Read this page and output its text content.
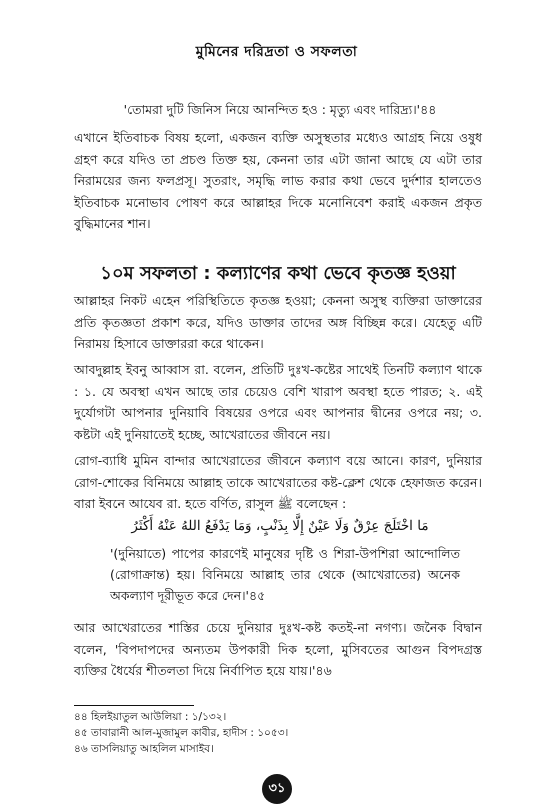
মুমিনের দরিদ্রতা ও সফলতা
'তোমরা দুটি জিনিস নিয়ে আনন্দিত হও : মৃত্যু এবং দারিদ্র্য।'৪৪
এখানে ইতিবাচক বিষয় হলো, একজন ব্যক্তি অসুস্থতার মধ্যেও আগ্রহ নিয়ে ওষুধ গ্রহণ করে যদিও তা প্রচণ্ড তিক্ত হয়, কেননা তার এটা জানা আছে যে এটা তার নিরাময়ের জন্য ফলপ্রসূ। সুতরাং, সমৃদ্ধি লাভ করার কথা ভেবে দুর্দশার হালতেও ইতিবাচক মনোভাব পোষণ করে আল্লাহর দিকে মনোনিবেশ করাই একজন প্রকৃত বুদ্ধিমানের শান।
১০ম সফলতা : কল্যাণের কথা ভেবে কৃতজ্ঞ হওয়া
আল্লাহর নিকট এহেন পরিস্থিতিতে কৃতজ্ঞ হওয়া; কেননা অসুস্থ ব্যক্তিরা ডাক্তারের প্রতি কৃতজ্ঞতা প্রকাশ করে, যদিও ডাক্তার তাদের অঙ্গ বিচ্ছিন্ন করে। যেহেতু এটি নিরাময় হিসাবে ডাক্তাররা করে থাকেন।
আবদুল্লাহ ইবনু আব্বাস রা. বলেন, প্রতিটি দুঃখ-কষ্টের সাথেই তিনটি কল্যাণ থাকে : ১. যে অবস্থা এখন আছে তার চেয়েও বেশি খারাপ অবস্থা হতে পারত; ২. এই দুর্যোগটা আপনার দুনিয়াবি বিষয়ের ওপরে এবং আপনার দ্বীনের ওপরে নয়; ৩. কষ্টটা এই দুনিয়াতেই হচ্ছে, আখেরাতের জীবনে নয়।
রোগ-ব্যাধি মুমিন বান্দার আখেরাতের জীবনে কল্যাণ বয়ে আনে। কারণ, দুনিয়ার রোগ-শোকের বিনিময়ে আল্লাহ তাকে আখেরাতের কষ্ট-ক্লেশ থেকে হেফাজত করেন। বারা ইবনে আযেব রা. হতে বর্ণিত, রাসুল ﷺ বলেছেন :
مَا اخْتَلَجَ عِرْقٌ وَلَا عَيْنٌ إِلَّا بِذَنْبٍ، وَمَا يَدْفَعُ اللهُ عَنْهُ أَكْثَرُ
'(দুনিয়াতে) পাপের কারণেই মানুষের দৃষ্টি ও শিরা-উপশিরা আন্দোলিত (রোগাক্রান্ত) হয়। বিনিময়ে আল্লাহ তার থেকে (আখেরাতের) অনেক অকল্যাণ দূরীভূত করে দেন।'৪৫
আর আখেরাতের শাস্তির চেয়ে দুনিয়ার দুঃখ-কষ্ট কতই-না নগণ্য। জনৈক বিদ্বান বলেন, 'বিপদাপদের অন্যতম উপকারী দিক হলো, মুসিবতের আগুন বিপদগ্রস্ত ব্যক্তির ধৈর্যের শীতলতা দিয়ে নির্বাপিত হয়ে যায়।'৪৬
৪৪ হিলইয়াতুল আউলিয়া : ১/১৩২।
৪৫ তাবারানী আল-মুজামুল কাবীর, হাদীস : ১০৫৩।
৪৬ তাসলিয়াতু আহলিল মাসাইব।
৩১
